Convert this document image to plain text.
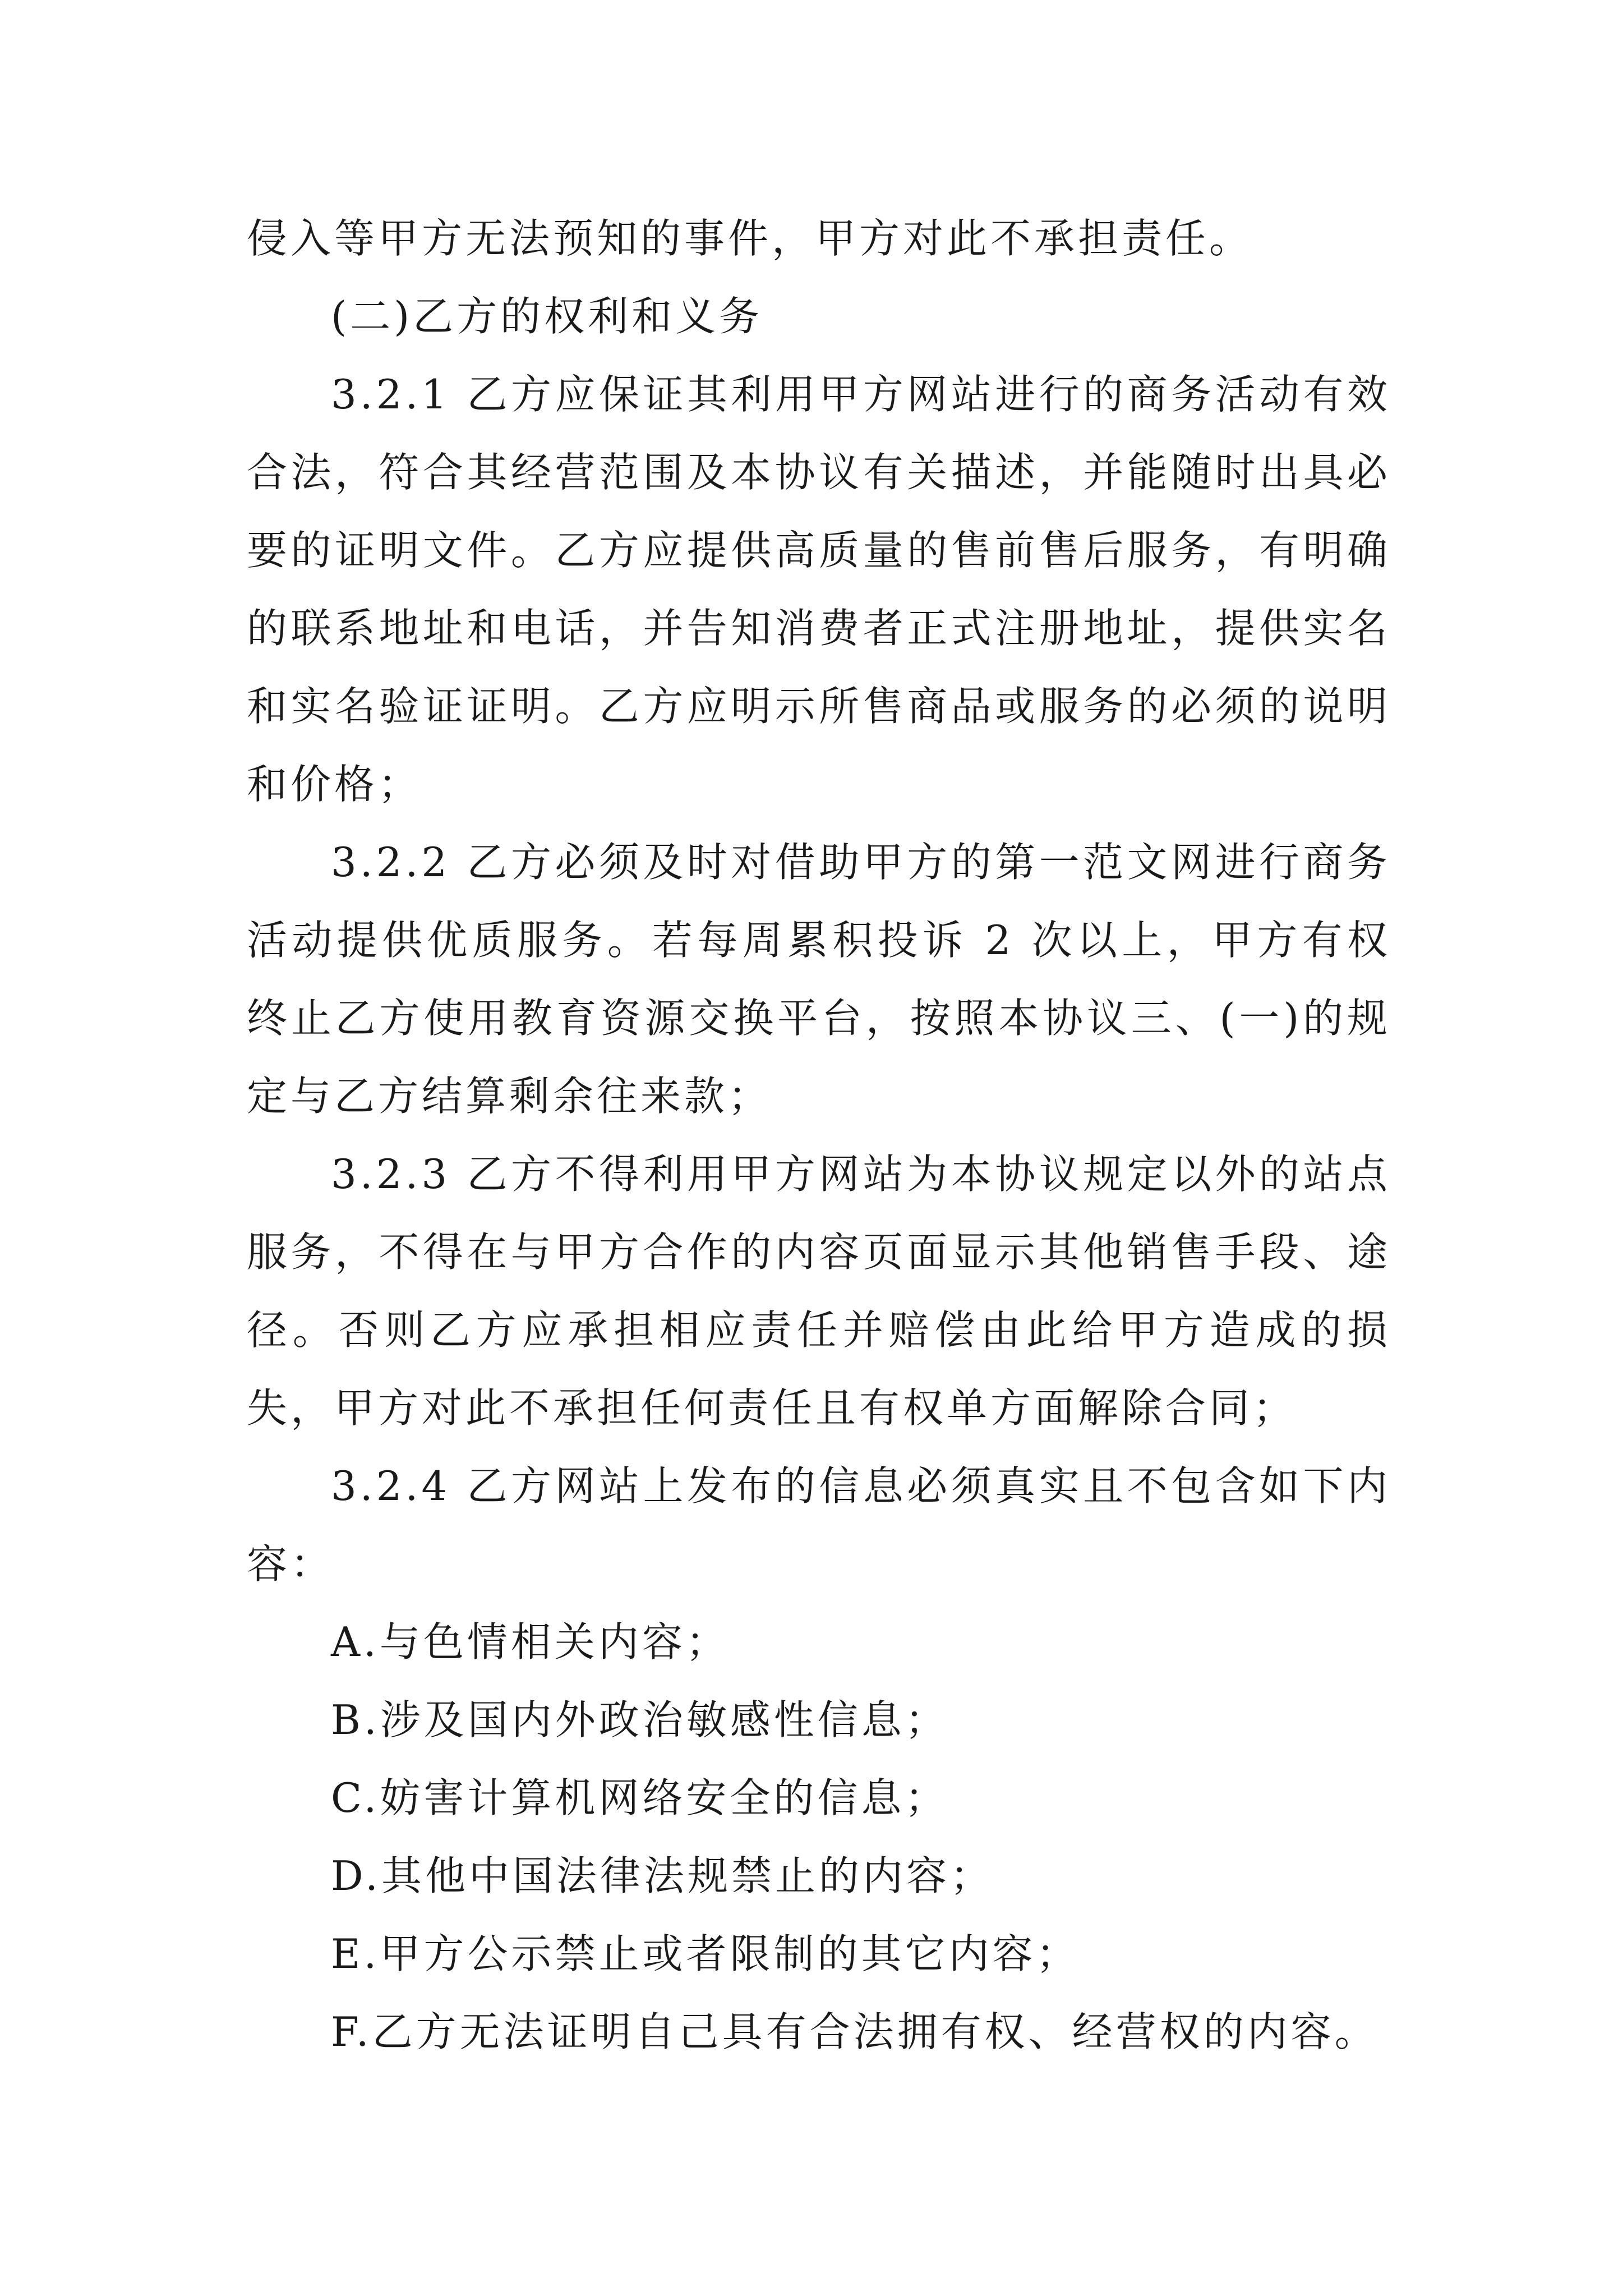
侵入等甲方无法预知的事件，甲方对此不承担责任。

(二)乙方的权利和义务

3.2.1 乙方应保证其利用甲方网站进行的商务活动有效合法，符合其经营范围及本协议有关描述，并能随时出具必要的证明文件。乙方应提供高质量的售前售后服务，有明确的联系地址和电话，并告知消费者正式注册地址，提供实名和实名验证证明。乙方应明示所售商品或服务的必须的说明和价格；

3.2.2 乙方必须及时对借助甲方的第一范文网进行商务活动提供优质服务。若每周累积投诉 2 次以上，甲方有权终止乙方使用教育资源交换平台，按照本协议三、(一)的规定与乙方结算剩余往来款；

3.2.3 乙方不得利用甲方网站为本协议规定以外的站点服务，不得在与甲方合作的内容页面显示其他销售手段、途径。否则乙方应承担相应责任并赔偿由此给甲方造成的损失，甲方对此不承担任何责任且有权单方面解除合同；

3.2.4 乙方网站上发布的信息必须真实且不包含如下内容：

A.与色情相关内容；

B.涉及国内外政治敏感性信息；

C.妨害计算机网络安全的信息；

D.其他中国法律法规禁止的内容；

E.甲方公示禁止或者限制的其它内容；

F.乙方无法证明自己具有合法拥有权、经营权的内容。
